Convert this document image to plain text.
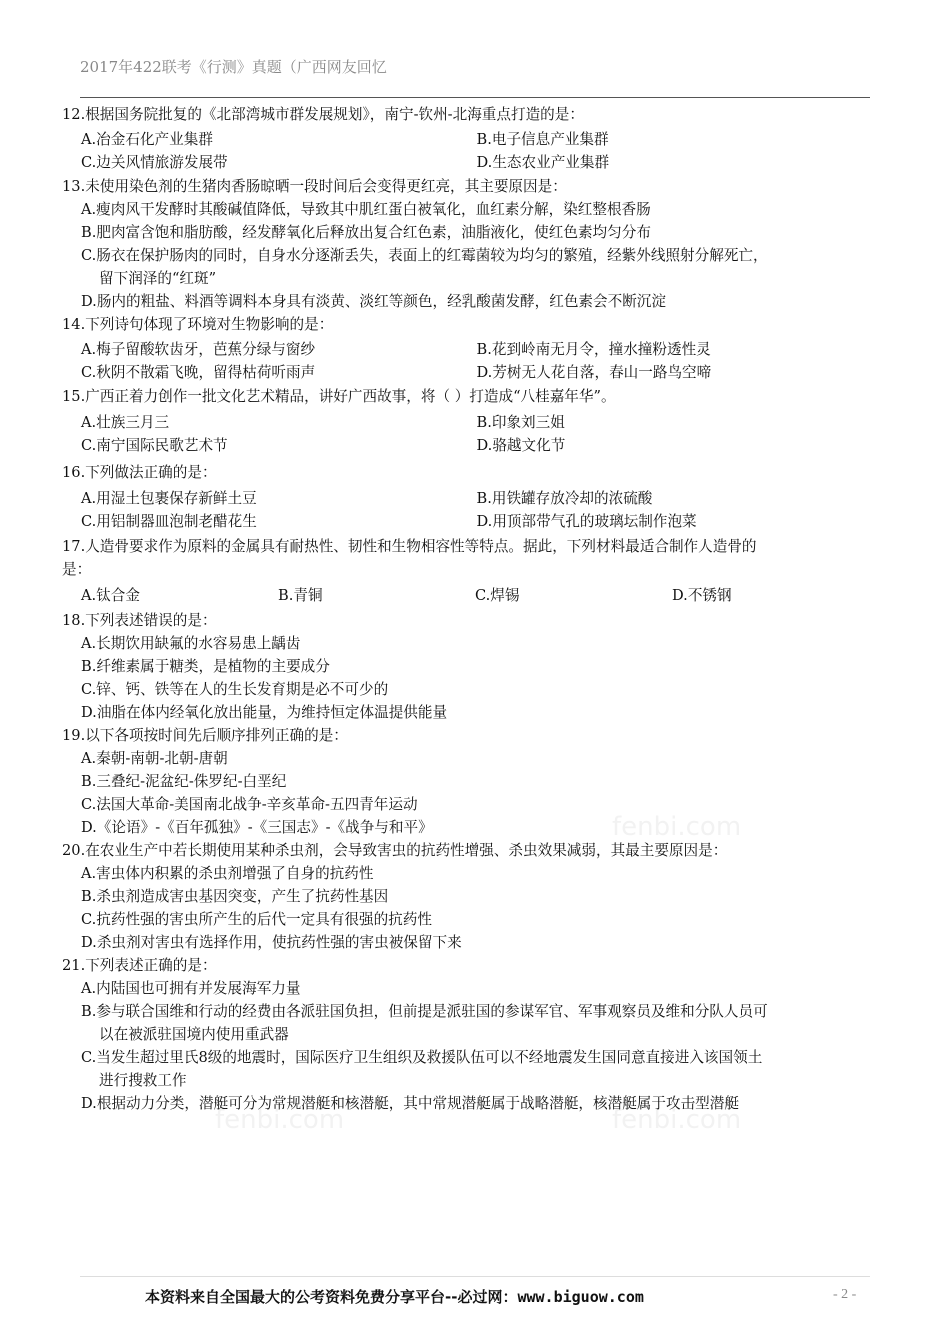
2017年422联考《行测》真题（广西网友回忆
fenbi.com
fenbi.com	fenbi.com
12.根据国务院批复的《北部湾城市群发展规划》，南宁-钦州-北海重点打造的是：
A.冶金石化产业集群	B.电子信息产业集群
C.边关风情旅游发展带	D.生态农业产业集群
13.未使用染色剂的生猪肉香肠晾晒一段时间后会变得更红亮，其主要原因是：
A.瘦肉风干发酵时其酸碱值降低，导致其中肌红蛋白被氧化，血红素分解，染红整根香肠
B.肥肉富含饱和脂肪酸，经发酵氧化后释放出复合红色素，油脂液化，使红色素均匀分布
C.肠衣在保护肠肉的同时，自身水分逐渐丢失，表面上的红霉菌较为均匀的繁殖，经紫外线照射分解死亡，
留下润泽的“红斑”
D.肠内的粗盐、料酒等调料本身具有淡黄、淡红等颜色，经乳酸菌发酵，红色素会不断沉淀
14.下列诗句体现了环境对生物影响的是：
A.梅子留酸软齿牙，芭蕉分绿与窗纱	B.花到岭南无月令，撞水撞粉透性灵
C.秋阴不散霜飞晚，留得枯荷听雨声	D.芳树无人花自落，春山一路鸟空啼
15.广西正着力创作一批文化艺术精品，讲好广西故事，将（ ）打造成“八桂嘉年华”。
A.壮族三月三	B.印象刘三姐
C.南宁国际民歌艺术节	D.骆越文化节
16.下列做法正确的是：
A.用湿土包裹保存新鲜土豆	B.用铁罐存放冷却的浓硫酸
C.用铝制器皿泡制老醋花生	D.用顶部带气孔的玻璃坛制作泡菜
17.人造骨要求作为原料的金属具有耐热性、韧性和生物相容性等特点。据此，下列材料最适合制作人造骨的
是：
A.钛合金	B.青铜	C.焊锡	D.不锈钢
18.下列表述错误的是：
A.长期饮用缺氟的水容易患上龋齿
B.纤维素属于糖类，是植物的主要成分
C.锌、钙、铁等在人的生长发育期是必不可少的
D.油脂在体内经氧化放出能量，为维持恒定体温提供能量
19.以下各项按时间先后顺序排列正确的是：
A.秦朝-南朝-北朝-唐朝
B.三叠纪-泥盆纪-侏罗纪-白垩纪
C.法国大革命-美国南北战争-辛亥革命-五四青年运动
D.《论语》-《百年孤独》-《三国志》-《战争与和平》
20.在农业生产中若长期使用某种杀虫剂，会导致害虫的抗药性增强、杀虫效果减弱，其最主要原因是：
A.害虫体内积累的杀虫剂增强了自身的抗药性
B.杀虫剂造成害虫基因突变，产生了抗药性基因
C.抗药性强的害虫所产生的后代一定具有很强的抗药性
D.杀虫剂对害虫有选择作用，使抗药性强的害虫被保留下来
21.下列表述正确的是：
A.内陆国也可拥有并发展海军力量
B.参与联合国维和行动的经费由各派驻国负担，但前提是派驻国的参谋军官、军事观察员及维和分队人员可
以在被派驻国境内使用重武器
C.当发生超过里氏8级的地震时，国际医疗卫生组织及救援队伍可以不经地震发生国同意直接进入该国领土
进行搜救工作
D.根据动力分类，潜艇可分为常规潜艇和核潜艇，其中常规潜艇属于战略潜艇，核潜艇属于攻击型潜艇
本资料来自全国最大的公考资料免费分享平台--必过网：www.biguow.com	- 2 -
